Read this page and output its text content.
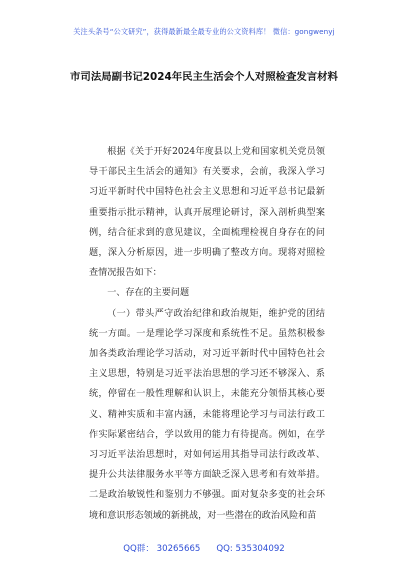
关注头条号“公文研究”，获得最新最全最专业的公文资料库！ 微信：gongwenyj
市司法局副书记2024年民主生活会个人对照检查发言材料

根据《关于开好2024年度县以上党和国家机关党员领导干部民主生活会的通知》有关要求，会前，我深入学习习近平新时代中国特色社会主义思想和习近平总书记最新重要指示批示精神，认真开展理论研讨，深入剖析典型案例，结合征求到的意见建议，全面梳理检视自身存在的问题，深入分析原因，进一步明确了整改方向。现将对照检查情况报告如下：

一、存在的主要问题

（一）带头严守政治纪律和政治规矩，维护党的团结统一方面。一是理论学习深度和系统性不足。虽然积极参加各类政治理论学习活动，对习近平新时代中国特色社会主义思想，特别是习近平法治思想的学习还不够深入、系统，停留在一般性理解和认识上，未能充分领悟其核心要义、精神实质和丰富内涵，未能将理论学习与司法行政工作实际紧密结合，学以致用的能力有待提高。例如，在学习习近平法治思想时，对如何运用其指导司法行政改革、提升公共法律服务水平等方面缺乏深入思考和有效举措。二是政治敏锐性和鉴别力不够强。面对复杂多变的社会环境和意识形态领域的新挑战，对一些潜在的政治风险和苗

QQ群： 30265665 QQ: 535304092
